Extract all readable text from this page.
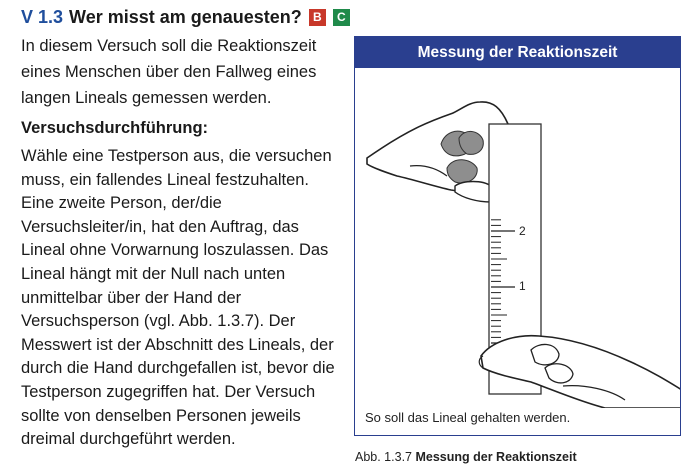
V 1.3 Wer misst am genauesten? B	C

In diesem Versuch soll die Reaktionszeit eines Menschen über den Fallweg eines langen Lineals gemessen werden.

Versuchsdurchführung:

Wähle eine Testperson aus, die versuchen muss, ein fallendes Lineal festzuhalten. Eine zweite Person, der/die Versuchsleiter/in, hat den Auftrag, das Lineal ohne Vorwarnung loszulassen. Das Lineal hängt mit der Null nach unten unmittelbar über der Hand der Versuchsperson (vgl. Abb. 1.3.7). Der Messwert ist der Abschnitt des Lineals, der durch die Hand durchgefallen ist, bevor die Testperson zugegriffen hat. Der Versuch sollte von denselben Personen jeweils dreimal durchgeführt werden.

Messung der Reaktionszeit
2
1
So soll das Lineal gehalten werden.
Abb. 1.3.7 Messung der Reaktionszeit
